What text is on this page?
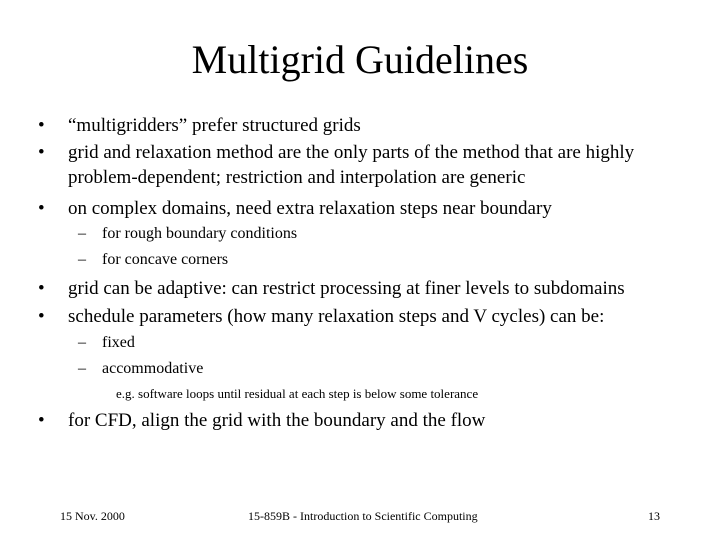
Multigrid Guidelines
• “multigridders” prefer structured grids
• grid and relaxation method are the only parts of the method that are highly
problem-dependent; restriction and interpolation are generic
• on complex domains, need extra relaxation steps near boundary
– for rough boundary conditions
– for concave corners
• grid can be adaptive: can restrict processing at finer levels to subdomains
• schedule parameters (how many relaxation steps and V cycles) can be:
– fixed
– accommodative
e.g. software loops until residual at each step is below some tolerance
• for CFD, align the grid with the boundary and the flow
15 Nov. 2000	15-859B - Introduction to Scientific Computing	13
